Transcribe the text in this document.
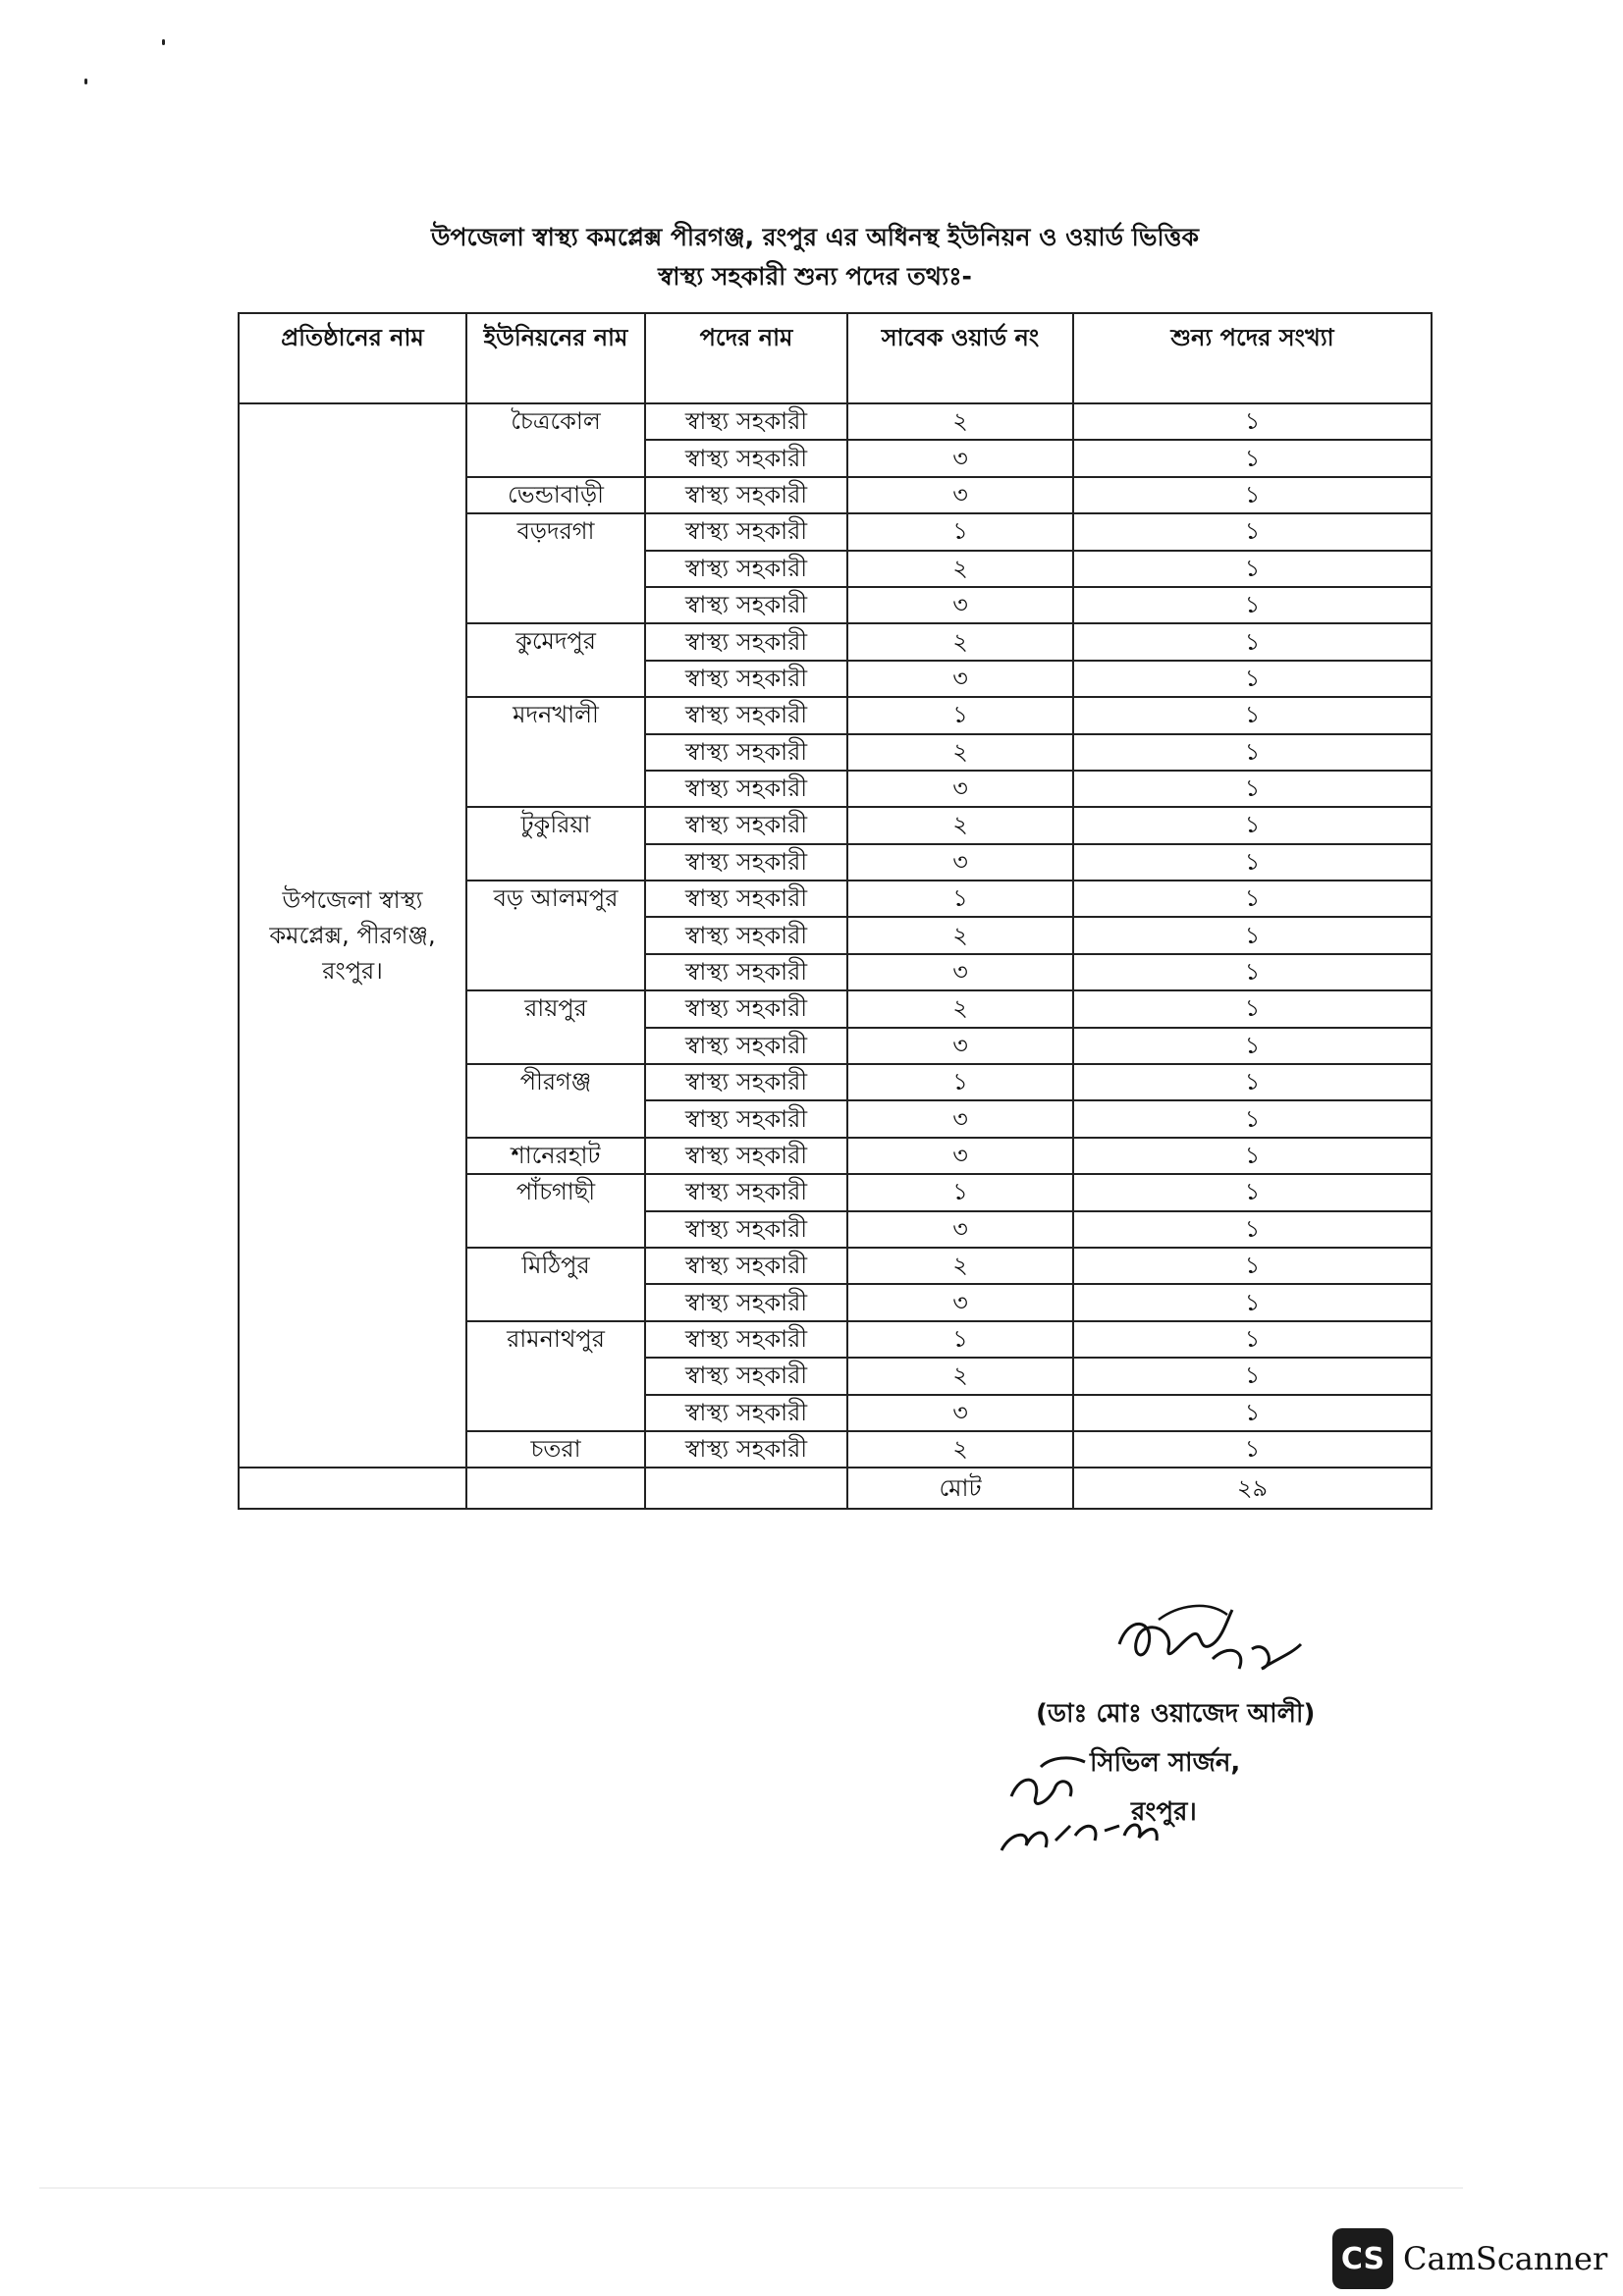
উপজেলা স্বাস্থ্য কমপ্লেক্স পীরগঞ্জ, রংপুর এর অধিনস্থ ইউনিয়ন ও ওয়ার্ড ভিত্তিক
স্বাস্থ্য সহকারী শুন্য পদের তথ্যঃ-
প্রতিষ্ঠানের নাম	ইউনিয়নের নাম	পদের নাম	সাবেক ওয়ার্ড নং	শুন্য পদের সংখ্যা
উপজেলা স্বাস্থ্য কমপ্লেক্স, পীরগঞ্জ, রংপুর।	চৈত্রকোল	স্বাস্থ্য সহকারী	২	১
		স্বাস্থ্য সহকারী	৩	১
	ভেন্ডাবাড়ী	স্বাস্থ্য সহকারী	৩	১
	বড়দরগা	স্বাস্থ্য সহকারী	১	১
		স্বাস্থ্য সহকারী	২	১
		স্বাস্থ্য সহকারী	৩	১
	কুমেদপুর	স্বাস্থ্য সহকারী	২	১
		স্বাস্থ্য সহকারী	৩	১
	মদনখালী	স্বাস্থ্য সহকারী	১	১
		স্বাস্থ্য সহকারী	২	১
		স্বাস্থ্য সহকারী	৩	১
	টুকুরিয়া	স্বাস্থ্য সহকারী	২	১
		স্বাস্থ্য সহকারী	৩	১
	বড় আলমপুর	স্বাস্থ্য সহকারী	১	১
		স্বাস্থ্য সহকারী	২	১
		স্বাস্থ্য সহকারী	৩	১
	রায়পুর	স্বাস্থ্য সহকারী	২	১
		স্বাস্থ্য সহকারী	৩	১
	পীরগঞ্জ	স্বাস্থ্য সহকারী	১	১
		স্বাস্থ্য সহকারী	৩	১
	শানেরহাট	স্বাস্থ্য সহকারী	৩	১
	পাঁচগাছী	স্বাস্থ্য সহকারী	১	১
		স্বাস্থ্য সহকারী	৩	১
	মিঠিপুর	স্বাস্থ্য সহকারী	২	১
		স্বাস্থ্য সহকারী	৩	১
	রামনাথপুর	স্বাস্থ্য সহকারী	১	১
		স্বাস্থ্য সহকারী	২	১
		স্বাস্থ্য সহকারী	৩	১
	চতরা	স্বাস্থ্য সহকারী	২	১
			মোট	২৯
(ডাঃ মোঃ ওয়াজেদ আলী)
সিভিল সার্জন,
রংপুর।
CS CamScanner
